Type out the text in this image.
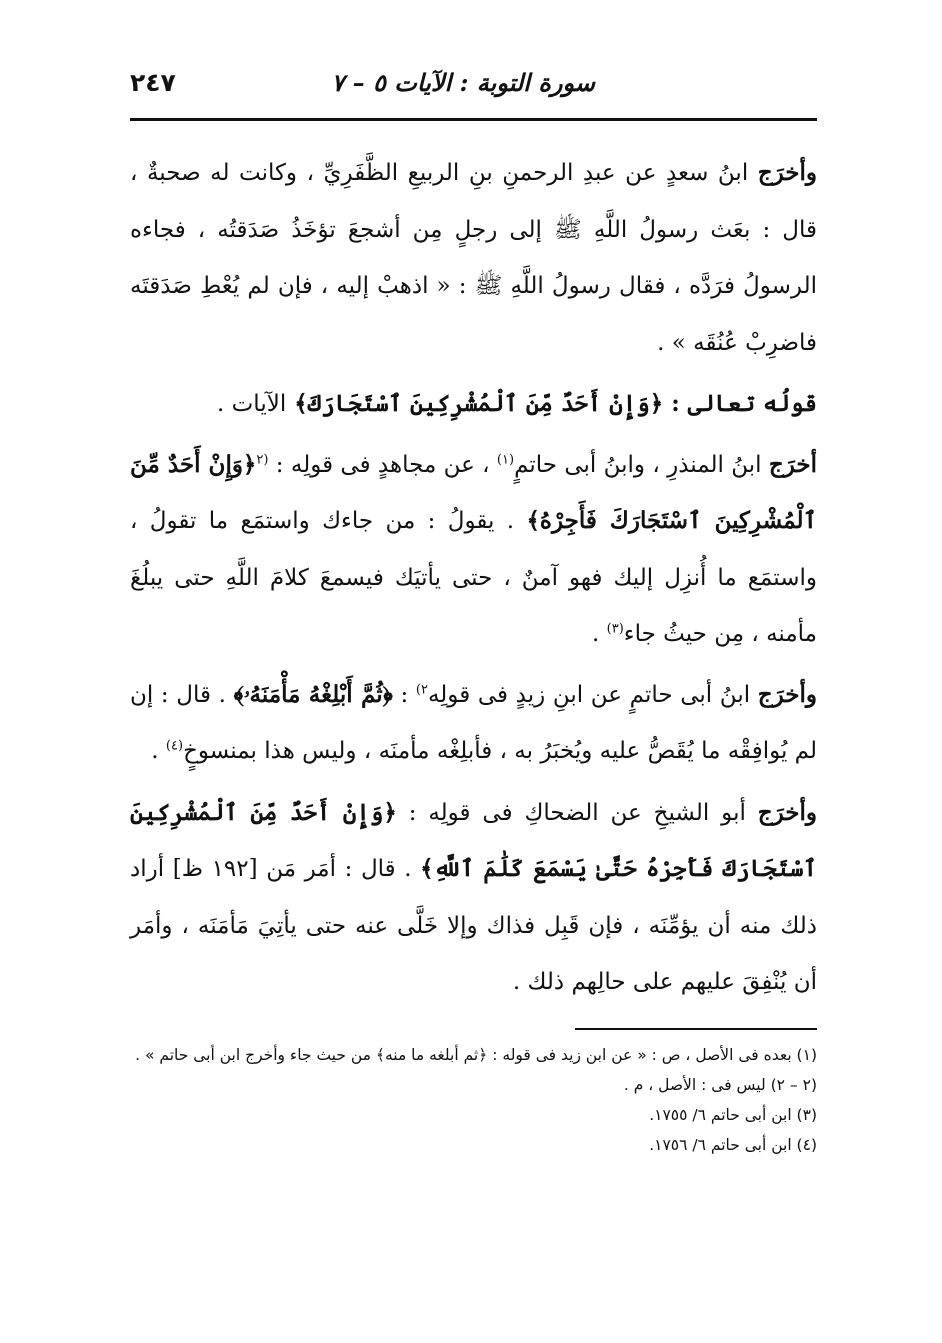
٢٤٧	سورة التوبة : الآيات ٥ – ٧

وأخرَج ابنُ سعدٍ عن عبدِ الرحمنِ بنِ الربيعِ الظَّفَرِيِّ ، وكانت له صحبةٌ ، قال : بعَث رسولُ اللَّهِ ﷺ إلى رجلٍ مِن أشجعَ تؤخَذُ صَدَقتُه ، فجاءه الرسولُ فرَدَّه ، فقال رسولُ اللَّهِ ﷺ : « اذهبْ إليه ، فإن لم يُعْطِ صَدَقتَه فاضرِبْ عُنُقَه » .

قولُه تعالى : ﴿وَإِنْ أَحَدٌ مِّنَ ٱلْمُشْرِكِينَ ٱسْتَجَارَكَ﴾ الآيات .

أخرَج ابنُ المنذرِ ، وابنُ أبى حاتمٍ$^{(١)}$ ، عن مجاهدٍ فى قولِه : $^{(٢}$﴿وَإِنْ أَحَدٌ مِّنَ ٱلْمُشْرِكِينَ ٱسْتَجَارَكَ فَأَجِرْهُ﴾ . يقولُ : من جاءك واستمَع ما تقولُ ، واستمَع ما أُنزِل إليك فهو آمنٌ ، حتى يأتيَك فيسمعَ كلامَ اللَّهِ حتى يبلُغَ مأمنه ، مِن حيثُ جاء$^{(٣)}$ .

وأخرَج ابنُ أبى حاتمٍ عن ابنِ زيدٍ فى قولِه$^{٢)}$ : ﴿ثُمَّ أَبْلِغْهُ مَأْمَنَهُۥ﴾ . قال : إن لم يُوافِقْه ما يُقَصُّ عليه ويُخبَرُ به ، فأبلِغْه مأمنَه ، وليس هذا بمنسوخٍ$^{(٤)}$ .

وأخرَج أبو الشيخِ عن الضحاكِ فى قولِه : ﴿وَإِنْ أَحَدٌ مِّنَ ٱلْمُشْرِكِينَ ٱسْتَجَارَكَ فَأَجِرْهُ حَتَّىٰ يَسْمَعَ كَلَٰمَ ٱللَّهِ﴾ . قال : أمَر مَن [١٩٢ ظ] أراد ذلك منه أن يؤمِّنَه ، فإن قَبِل فذاك وإلا خَلَّى عنه حتى يأتِيَ مَأمَنَه ، وأمَر أن يُنْفِقَ عليهم على حالِهم ذلك .

(١) بعده فى الأصل ، ص : « عن ابن زيد فى قوله : ﴿ثم أبلغه ما منه﴾ من حيث جاء وأخرج ابن أبى حاتم » .

(٢ – ٢) ليس فى : الأصل ، م .

(٣) ابن أبى حاتم ٦/ ١٧٥٥.

(٤) ابن أبى حاتم ٦/ ١٧٥٦.
